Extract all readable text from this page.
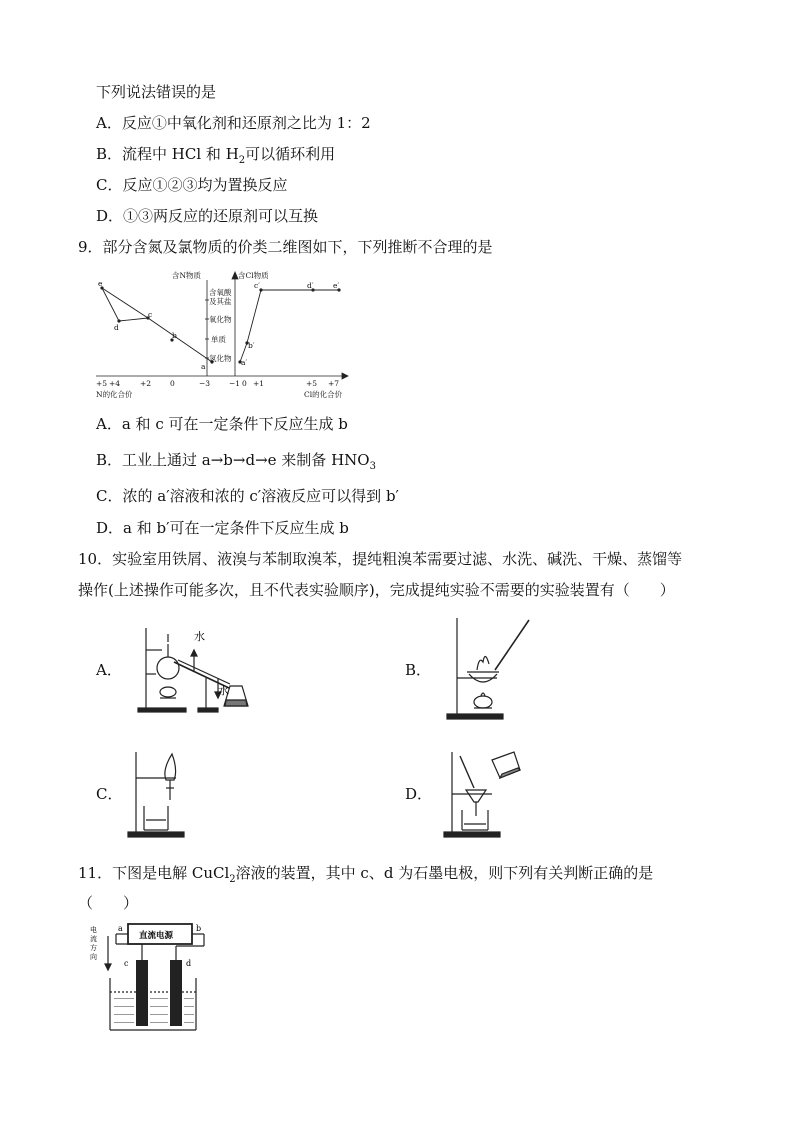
下列说法错误的是
A．反应①中氧化剂和还原剂之比为 1：2
B．流程中 HCl 和 $H_2$可以循环利用
C．反应①②③均为置换反应
D．①③两反应的还原剂可以互换
9．部分含氮及氯物质的价类二维图如下，下列推断不合理的是
含N物质	含Cl物质
含氧酸
及其盐
氧化物
单质
氢化物
e
d
c
b
a	a′
b′
c′	d′	e′
+5 +4	+2	0	−3	−1 0 +1	+5 +7
N的化合价	Cl的化合价
A．a 和 c 可在一定条件下反应生成 b
B．工业上通过 a→b→d→e 来制备 $HNO_3$
C．浓的 a′溶液和浓的 c′溶液反应可以得到 b′
D．a 和 b′可在一定条件下反应生成 b
10．实验室用铁屑、液溴与苯制取溴苯，提纯粗溴苯需要过滤、水洗、碱洗、干燥、蒸馏等
操作(上述操作可能多次，且不代表实验顺序)，完成提纯实验不需要的实验装置有（　　）
A．
水
水
B．
C．	D．
11．下图是电解 CuCl$_2$溶液的装置，其中 c、d 为石墨电极，则下列有关判断正确的是
（　　）
直流电源
a	b
c	d
电
流
方
向
